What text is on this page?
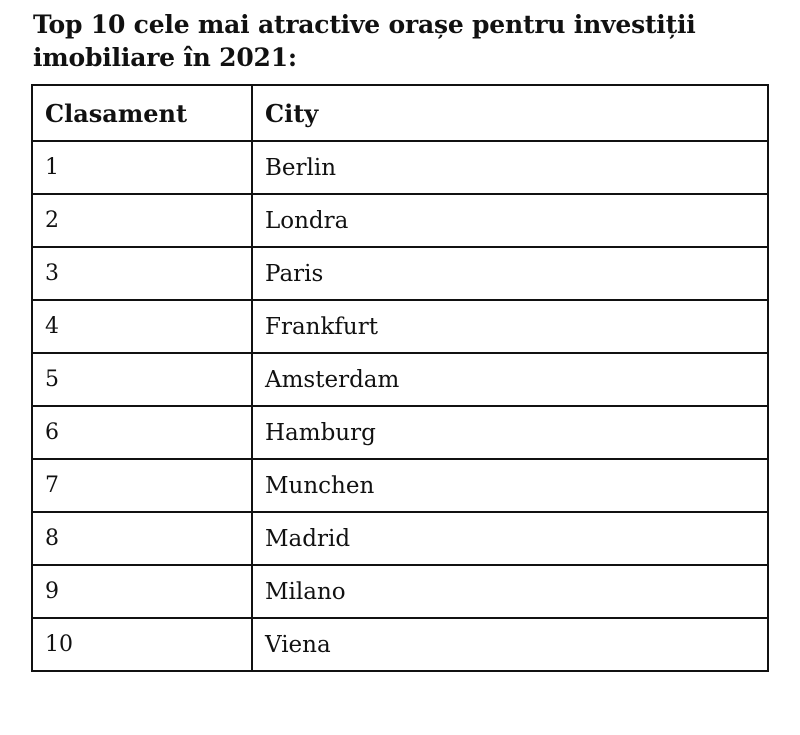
Top 10 cele mai atractive orașe pentru investiții imobiliare în 2021:
Clasament	City
1	Berlin
2	Londra
3	Paris
4	Frankfurt
5	Amsterdam
6	Hamburg
7	Munchen
8	Madrid
9	Milano
10	Viena
